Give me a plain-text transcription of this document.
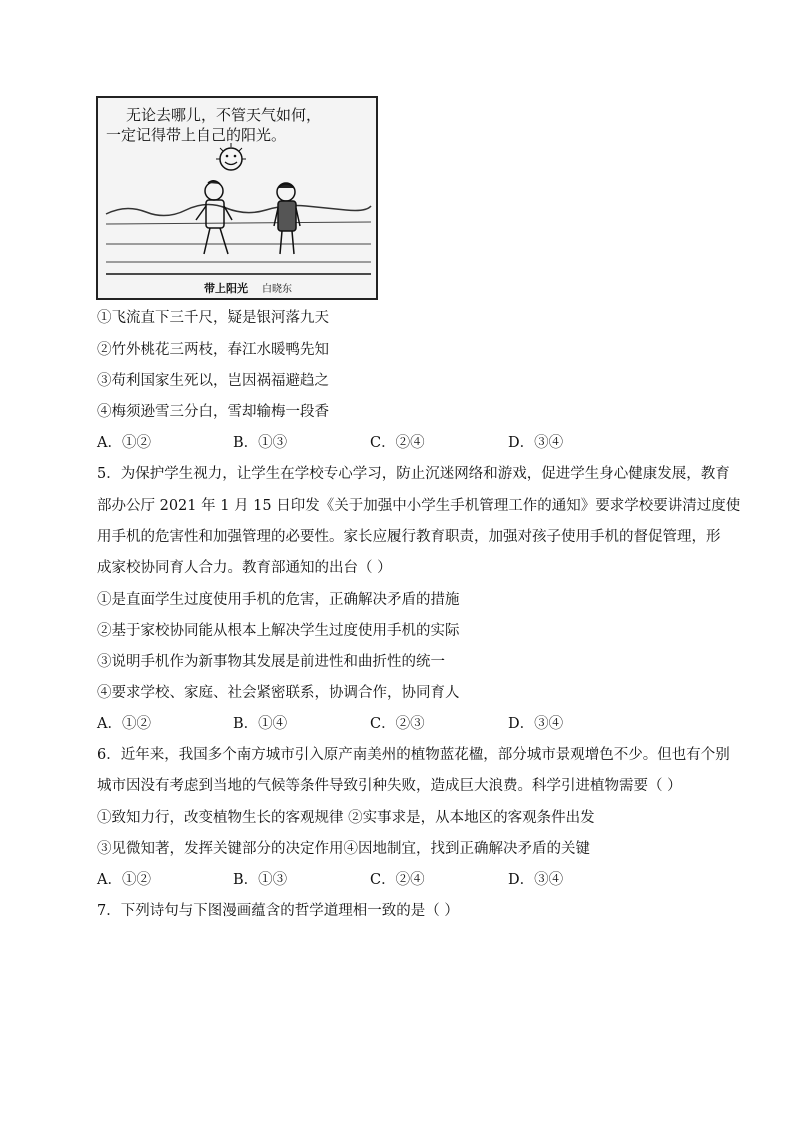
无论去哪儿，不管天气如何，
一定记得带上自己的阳光。
带上阳光 白晓东
①飞流直下三千尺，疑是银河落九天
②竹外桃花三两枝，春江水暖鸭先知
③苟利国家生死以，岂因祸福避趋之
④梅须逊雪三分白，雪却输梅一段香
A．①②	B．①③	C．②④	D．③④
5．为保护学生视力，让学生在学校专心学习，防止沉迷网络和游戏，促进学生身心健康发展，教育
部办公厅 2021 年 1 月 15 日印发《关于加强中小学生手机管理工作的通知》要求学校要讲清过度使
用手机的危害性和加强管理的必要性。家长应履行教育职责，加强对孩子使用手机的督促管理，形
成家校协同育人合力。教育部通知的出台（ ）
①是直面学生过度使用手机的危害，正确解决矛盾的措施
②基于家校协同能从根本上解决学生过度使用手机的实际
③说明手机作为新事物其发展是前进性和曲折性的统一
④要求学校、家庭、社会紧密联系，协调合作，协同育人
A．①②	B．①④	C．②③	D．③④
6．近年来，我国多个南方城市引入原产南美州的植物蓝花楹，部分城市景观增色不少。但也有个别
城市因没有考虑到当地的气候等条件导致引种失败，造成巨大浪费。科学引进植物需要（ ）
①致知力行，改变植物生长的客观规律 ②实事求是，从本地区的客观条件出发
③见微知著，发挥关键部分的决定作用④因地制宜，找到正确解决矛盾的关键
A．①②	B．①③	C．②④	D．③④
7．下列诗句与下图漫画蕴含的哲学道理相一致的是（ ）
